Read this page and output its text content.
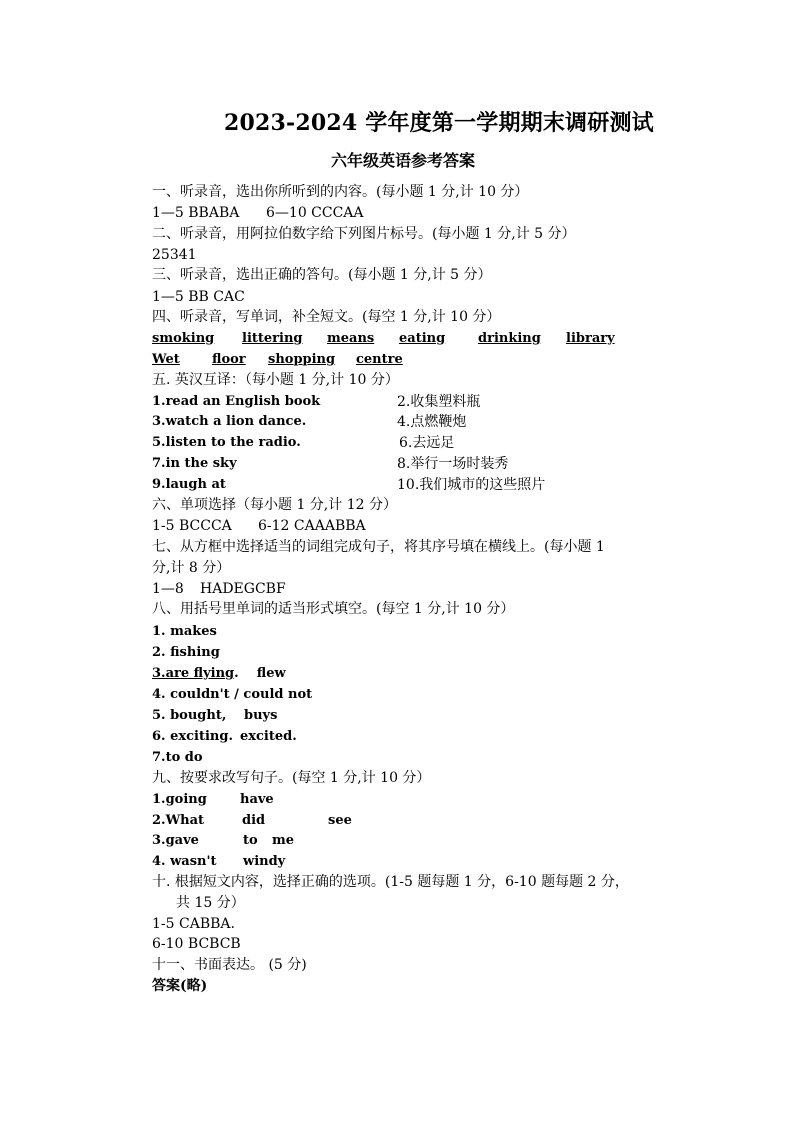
2023-2024 学年度第一学期期末调研测试
六年级英语参考答案
一、听录音，选出你所听到的内容。(每小题 1 分,计 10 分）
1—5 BBABA 6—10 CCCAA
二、听录音，用阿拉伯数字给下列图片标号。(每小题 1 分,计 5 分）
25341
三、听录音，选出正确的答句。(每小题 1 分,计 5 分）
1—5 BB CAC
四、听录音，写单词，补全短文。(每空 1 分,计 10 分）
smoking littering means eating	drinking library
Wet floor shopping centre
五. 英汉互译：（每小题 1 分,计 10 分）
1.read an English book	2.收集塑料瓶
3.watch a lion dance.	4.点燃鞭炮
5.listen to the radio.	6.去远足
7.in the sky	8.举行一场时装秀
9.laugh at	10.我们城市的这些照片
六、单项选择（每小题 1 分,计 12 分）
1-5 BCCCA 6-12 CAAABBA
七、从方框中选择适当的词组完成句子，将其序号填在横线上。(每小题 1
分,计 8 分）
1—8 HADEGCBF
八、用括号里单词的适当形式填空。(每空 1 分,计 10 分）
1. makes
2. fishing
3.are flying.    flew
4. couldn't / could not
5. bought, buys
6. exciting. excited.
7.to do
九、按要求改写句子。(每空 1 分,计 10 分）
1.going	have
2.What	did	see
3.gave	to me
4. wasn't windy
十. 根据短文内容，选择正确的选项。(1-5 题每题 1 分，6-10 题每题 2 分，
共 15 分）
1-5 CABBA.
6-10 BCBCB
十一、书面表达。 (5 分)
答案(略)
